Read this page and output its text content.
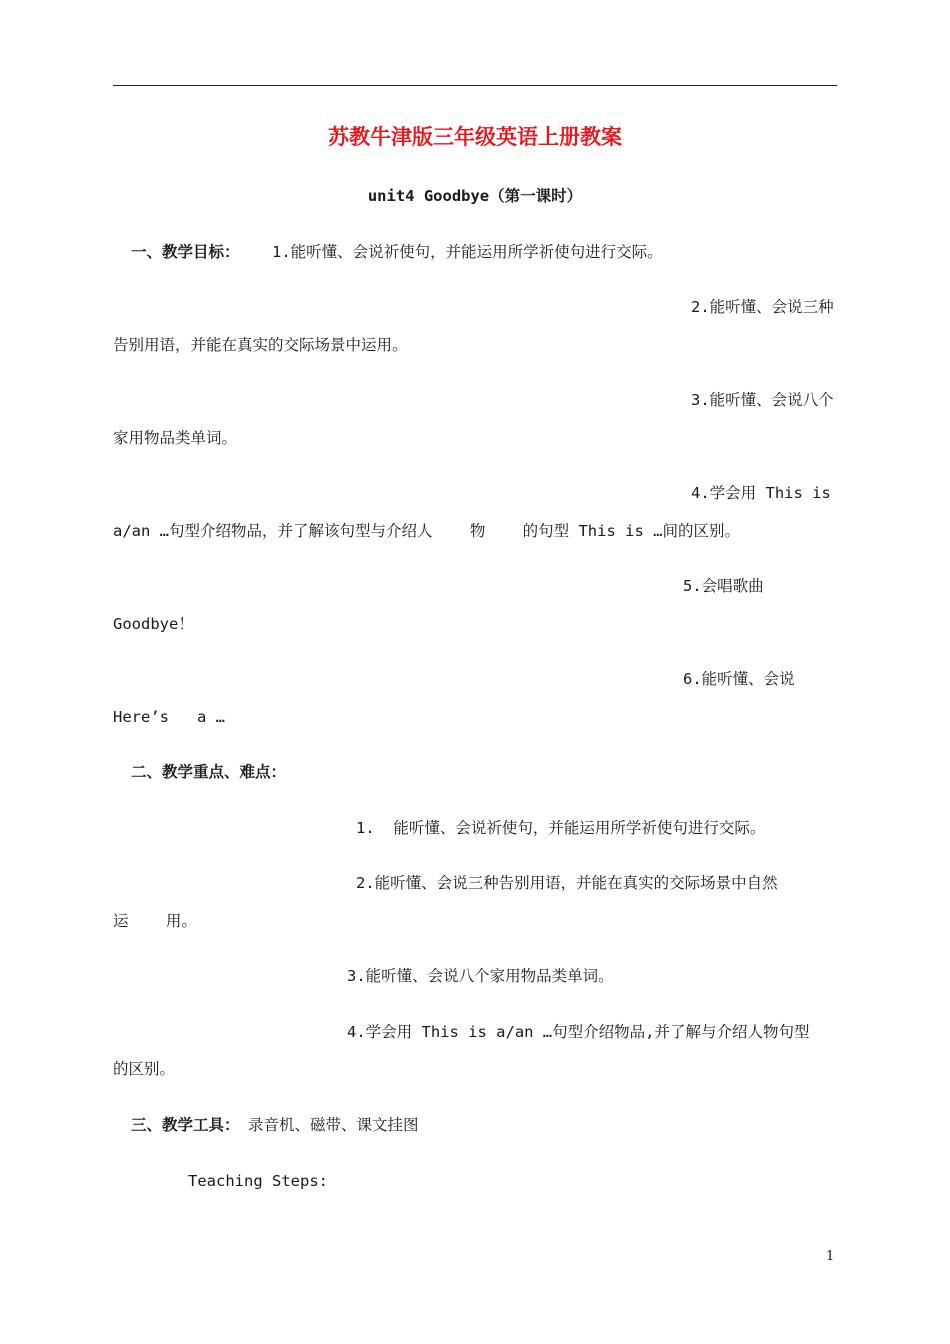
苏教牛津版三年级英语上册教案
unit4 Goodbye（第一课时）
一、教学目标： 1.能听懂、会说祈使句，并能运用所学祈使句进行交际。
2.能听懂、会说三种
告别用语，并能在真实的交际场景中运用。
3.能听懂、会说八个
家用物品类单词。
4.学会用 This is
a/an …句型介绍物品，并了解该句型与介绍人    物    的句型 This is …间的区别。
5.会唱歌曲
Goodbye！
6.能听懂、会说
Here’s   a …
二、教学重点、难点：
1.  能听懂、会说祈使句，并能运用所学祈使句进行交际。
2.能听懂、会说三种告别用语，并能在真实的交际场景中自然
运    用。
3.能听懂、会说八个家用物品类单词。
4.学会用 This is a/an …句型介绍物品,并了解与介绍人物句型
的区别。
三、教学工具： 录音机、磁带、课文挂图
Teaching Steps:
1
